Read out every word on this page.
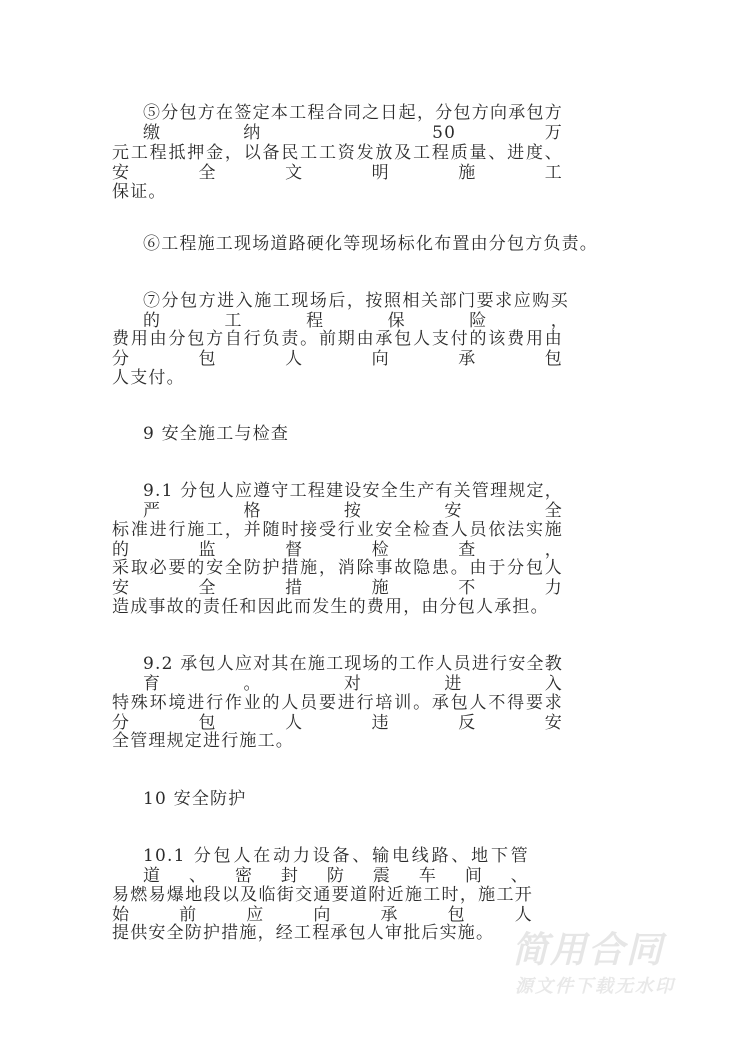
⑤分包方在签定本工程合同之日起，分包方向承包方缴纳 50 万
元工程抵押金，以备民工工资发放及工程质量、进度、安全文明施工
保证。
⑥工程施工现场道路硬化等现场标化布置由分包方负责。
⑦分包方进入施工现场后，按照相关部门要求应购买的工程保险，
费用由分包方自行负责。前期由承包人支付的该费用由分包人向承包
人支付。
9 安全施工与检查
9.1 分包人应遵守工程建设安全生产有关管理规定，严格按安全
标准进行施工，并随时接受行业安全检查人员依法实施的监督检查，
采取必要的安全防护措施，消除事故隐患。由于分包人安全措施不力
造成事故的责任和因此而发生的费用，由分包人承担。
9.2 承包人应对其在施工现场的工作人员进行安全教育。对进入
特殊环境进行作业的人员要进行培训。承包人不得要求分包人违反安
全管理规定进行施工。
10 安全防护
10.1 分包人在动力设备、输电线路、地下管道、密封防震车间、
易燃易爆地段以及临街交通要道附近施工时，施工开始前应向承包人
提供安全防护措施，经工程承包人审批后实施。 简用合同
源文件下载无水印
